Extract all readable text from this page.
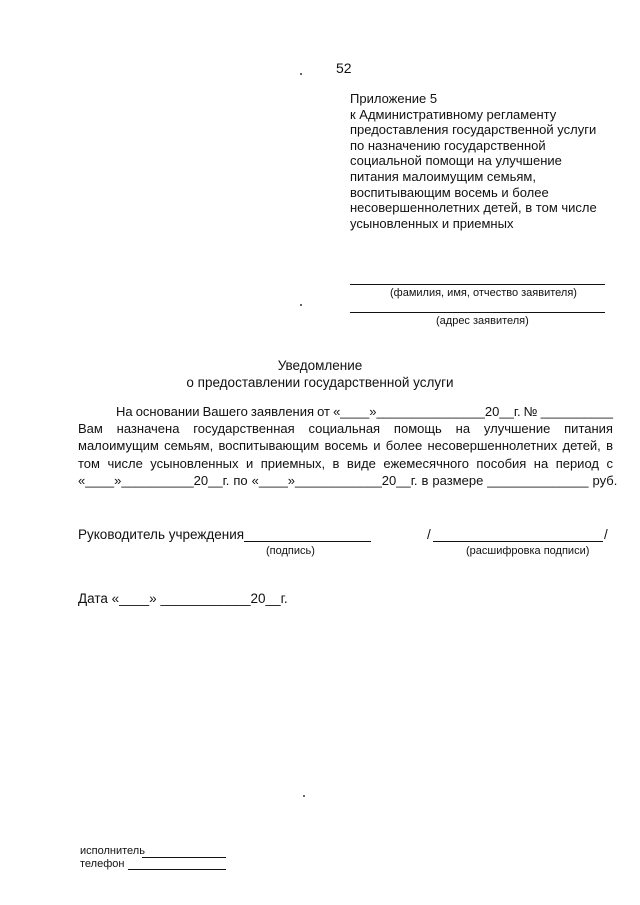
52
Приложение 5
к Административному регламенту
предоставления государственной услуги
по назначению государственной
социальной помощи на улучшение
питания малоимущим семьям,
воспитывающим восемь и более
несовершеннолетних детей, в том числе
усыновленных и приемных
(фамилия, имя, отчество заявителя)
(адрес заявителя)
Уведомление
о предоставлении государственной услуги
На основании Вашего заявления от «____»_______________20__г. № __________
Вам назначена государственная социальная помощь на улучшение питания
малоимущим семьям, воспитывающим восемь и более несовершеннолетних детей, в
том числе усыновленных и приемных, в виде ежемесячного пособия на период с
«____»__________20__г. по «____»____________20__г. в размере ______________ руб.
Руководитель учреждения
(подпись)
/	/
(расшифровка подписи)
Дата «____» ____________20__г.
исполнитель
телефон
